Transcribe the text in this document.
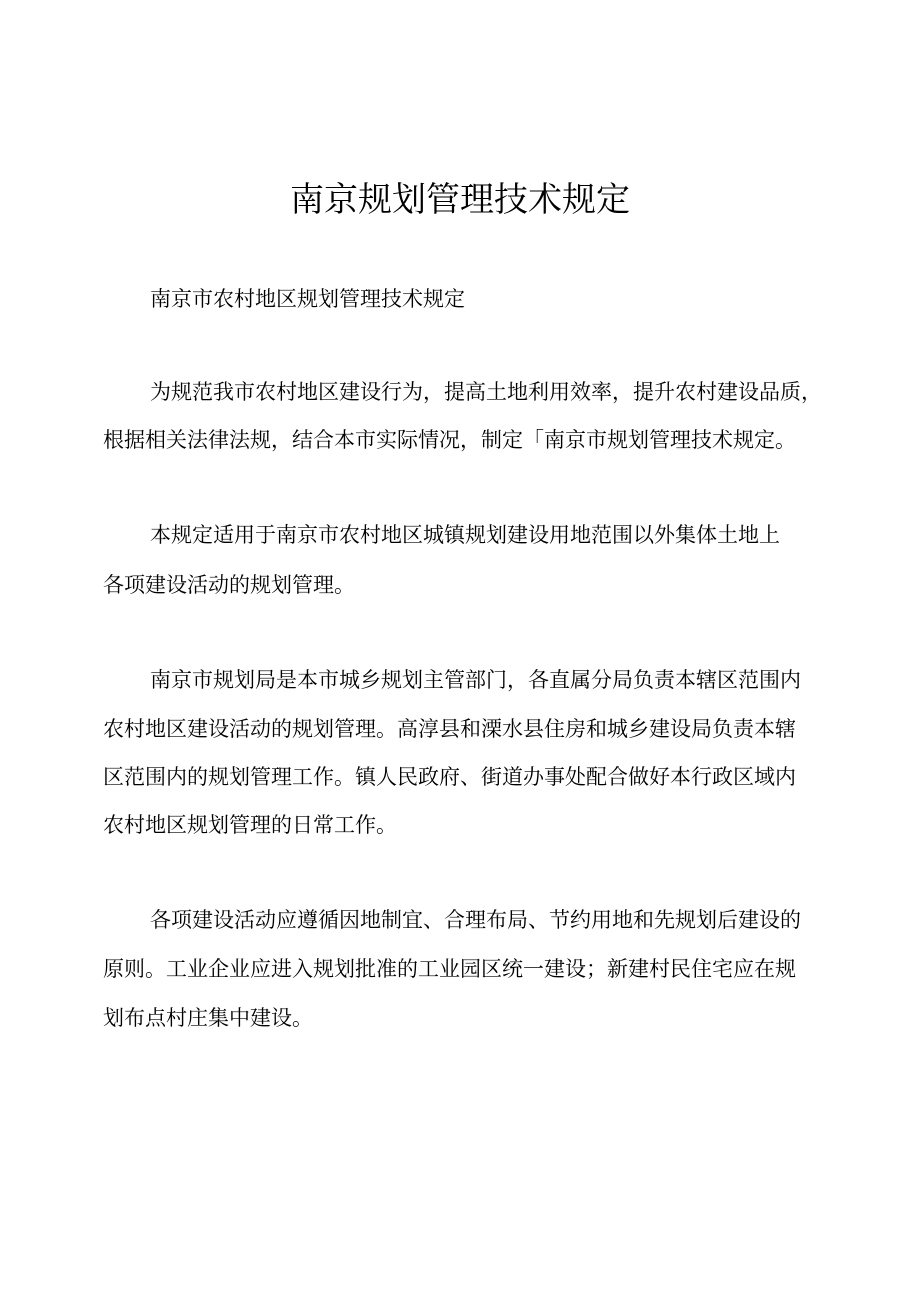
南京规划管理技术规定
南京市农村地区规划管理技术规定
为规范我市农村地区建设行为，提高土地利用效率，提升农村建设品质，
根据相关法律法规，结合本市实际情况，制定「南京市规划管理技术规定。
本规定适用于南京市农村地区城镇规划建设用地范围以外集体土地上
各项建设活动的规划管理。
南京市规划局是本市城乡规划主管部门，各直属分局负责本辖区范围内
农村地区建设活动的规划管理。高淳县和溧水县住房和城乡建设局负责本辖
区范围内的规划管理工作。镇人民政府、街道办事处配合做好本行政区域内
农村地区规划管理的日常工作。
各项建设活动应遵循因地制宜、合理布局、节约用地和先规划后建设的
原则。工业企业应进入规划批准的工业园区统一建设；新建村民住宅应在规
划布点村庄集中建设。
